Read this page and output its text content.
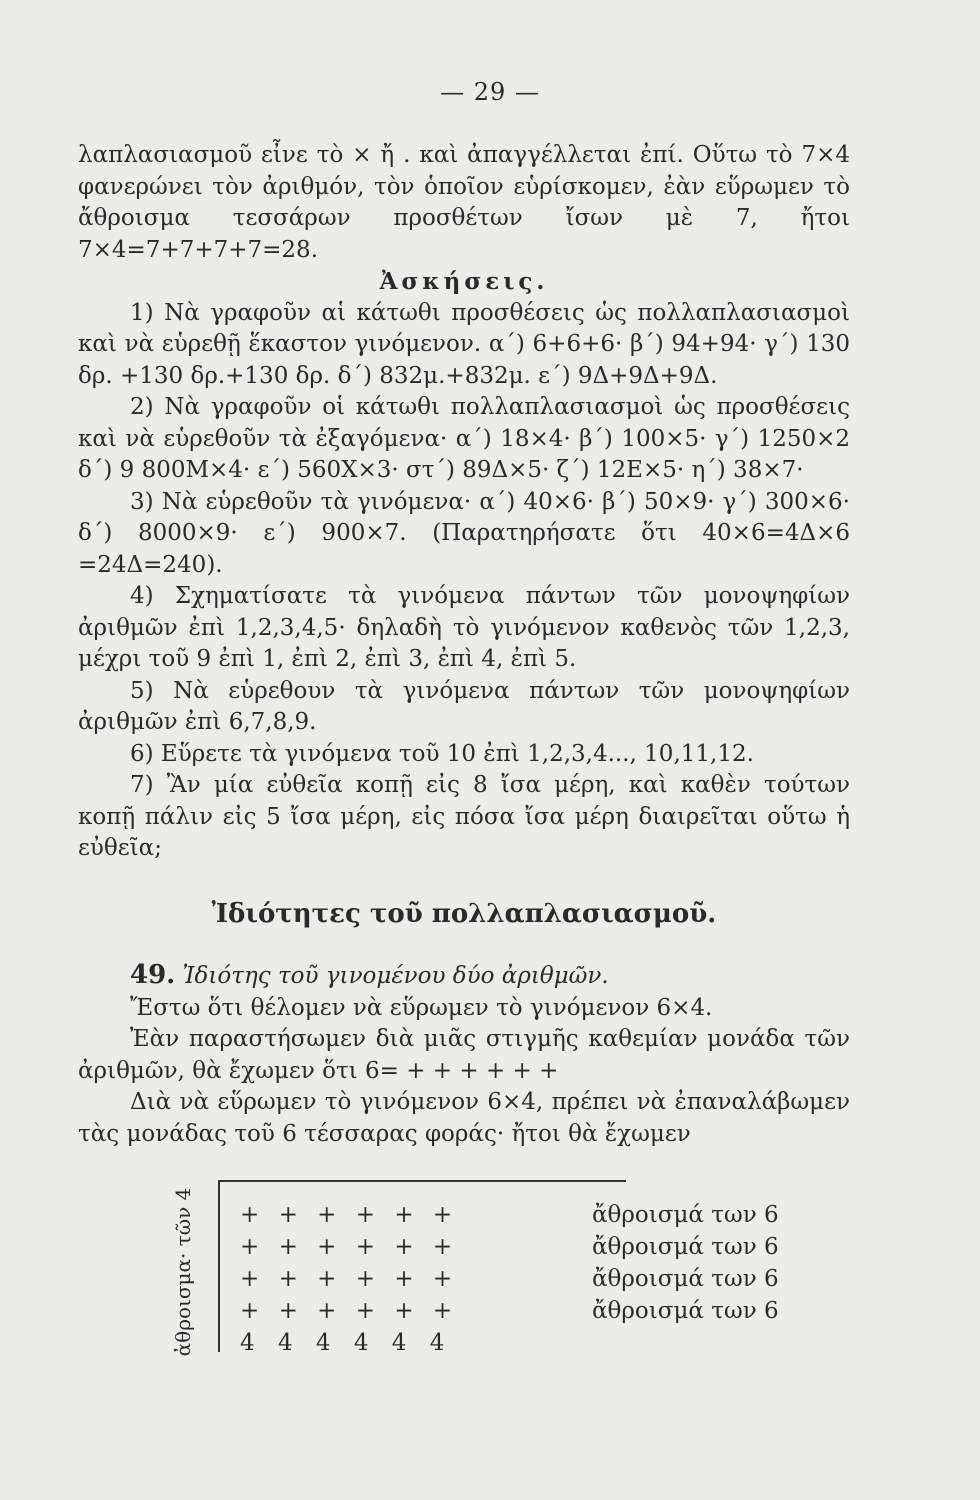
— 29 —

λαπλασιασμοῦ εἶνε τὸ × ἤ . καὶ ἀπαγγέλλεται ἐπί. Οὕτω τὸ 7×4 φανερώνει τὸν ἀριθμόν, τὸν ὁποῖον εὑρίσκομεν, ἐὰν εὕρωμεν τὸ ἄθροισμα τεσσάρων προσθέτων ἴσων μὲ 7, ἤτοι 7×4=7+7+7+7=28.

Ἀσκήσεις.

1) Νὰ γραφοῦν αἱ κάτωθι προσθέσεις ὡς πολλαπλασιασμοὶ καὶ νὰ εὑρεθῇ ἕκαστον γινόμενον. α΄) 6+6+6· β΄) 94+94· γ΄) 130 δρ. +130 δρ.+130 δρ. δ΄) 832μ.+832μ. ε΄) 9Δ+9Δ+9Δ.

2) Νὰ γραφοῦν οἱ κάτωθι πολλαπλασιασμοὶ ὡς προσθέσεις καὶ νὰ εὑρεθοῦν τὰ ἐξαγόμενα· α΄) 18×4· β΄) 100×5· γ΄) 1250×2 δ΄) 9 800Μ×4· ε΄) 560Χ×3· στ΄) 89Δ×5· ζ΄) 12Ε×5· η΄) 38×7·

3) Νὰ εὑρεθοῦν τὰ γινόμενα· α΄) 40×6· β΄) 50×9· γ΄) 300×6· δ΄) 8000×9· ε΄) 900×7. (Παρατηρήσατε ὅτι 40×6=4Δ×6 =24Δ=240).

4) Σχηματίσατε τὰ γινόμενα πάντων τῶν μονοψηφίων ἀριθμῶν ἐπὶ 1,2,3,4,5· δηλαδὴ τὸ γινόμενον καθενὸς τῶν 1,2,3, μέχρι τοῦ 9 ἐπὶ 1, ἐπὶ 2, ἐπὶ 3, ἐπὶ 4, ἐπὶ 5.

5) Νὰ εὑρεθουν τὰ γινόμενα πάντων τῶν μονοψηφίων ἀριθμῶν ἐπὶ 6,7,8,9.

6) Εὕρετε τὰ γινόμενα τοῦ 10 ἐπὶ 1,2,3,4..., 10,11,12.

7) Ἂν μία εὐθεῖα κοπῇ εἰς 8 ἴσα μέρη, καὶ καθὲν τούτων κοπῇ πάλιν εἰς 5 ἴσα μέρη, εἰς πόσα ἴσα μέρη διαιρεῖται οὕτω ἡ εὐθεῖα;

Ἰδιότητες τοῦ πολλαπλασιασμοῦ.

49. Ἰδιότης τοῦ γινομένου δύο ἀριθμῶν.

Ἔστω ὅτι θέλομεν νὰ εὕρωμεν τὸ γινόμενον 6×4.

Ἐὰν παραστήσωμεν διὰ μιᾶς στιγμῆς καθεμίαν μονάδα τῶν ἀριθμῶν, θὰ ἔχωμεν ὅτι 6= + + + + + +

Διὰ νὰ εὕρωμεν τὸ γινόμενον 6×4, πρέπει νὰ ἐπαναλάβωμεν τὰς μονάδας τοῦ 6 τέσσαρας φοράς· ἤτοι θὰ ἔχωμεν

ἀθροισμα· τῶν 4 + + + + + +	ἄθροισμά των 6
+ + + + + +	ἄθροισμά των 6
+ + + + + +	ἄθροισμά των 6
+ + + + + +	ἄθροισμά των 6
4 4 4 4 4 4
